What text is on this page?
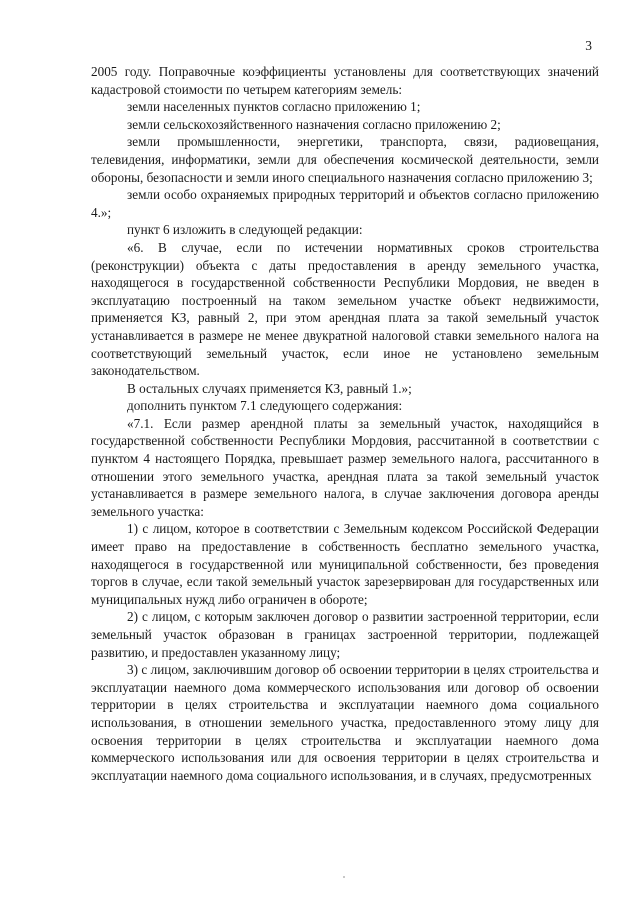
3

2005 году. Поправочные коэффициенты установлены для соответствующих значений кадастровой стоимости по четырем категориям земель:

земли населенных пунктов согласно приложению 1;

земли сельскохозяйственного назначения согласно приложению 2;

земли промышленности, энергетики, транспорта, связи, радиовещания, телевидения, информатики, земли для обеспечения космической деятельности, земли обороны, безопасности и земли иного специального назначения согласно приложению 3;

земли особо охраняемых природных территорий и объектов согласно приложению 4.»;

пункт 6 изложить в следующей редакции:

«6. В случае, если по истечении нормативных сроков строительства (реконструкции) объекта с даты предоставления в аренду земельного участка, находящегося в государственной собственности Республики Мордовия, не введен в эксплуатацию построенный на таком земельном участке объект недвижимости, применяется КЗ, равный 2, при этом арендная плата за такой земельный участок устанавливается в размере не менее двукратной налоговой ставки земельного налога на соответствующий земельный участок, если иное не установлено земельным законодательством.

В остальных случаях применяется КЗ, равный 1.»;

дополнить пунктом 7.1 следующего содержания:

«7.1. Если размер арендной платы за земельный участок, находящийся в государственной собственности Республики Мордовия, рассчитанной в соответствии с пунктом 4 настоящего Порядка, превышает размер земельного налога, рассчитанного в отношении этого земельного участка, арендная плата за такой земельный участок устанавливается в размере земельного налога, в случае заключения договора аренды земельного участка:

1) с лицом, которое в соответствии с Земельным кодексом Российской Федерации имеет право на предоставление в собственность бесплатно земельного участка, находящегося в государственной или муниципальной собственности, без проведения торгов в случае, если такой земельный участок зарезервирован для государственных или муниципальных нужд либо ограничен в обороте;

2) с лицом, с которым заключен договор о развитии застроенной территории, если земельный участок образован в границах застроенной территории, подлежащей развитию, и предоставлен указанному лицу;

3) с лицом, заключившим договор об освоении территории в целях строительства и эксплуатации наемного дома коммерческого использования или договор об освоении территории в целях строительства и эксплуатации наемного дома социального использования, в отношении земельного участка, предоставленного этому лицу для освоения территории в целях строительства и эксплуатации наемного дома коммерческого использования или для освоения территории в целях строительства и эксплуатации наемного дома социального использования, и в случаях, предусмотренных
